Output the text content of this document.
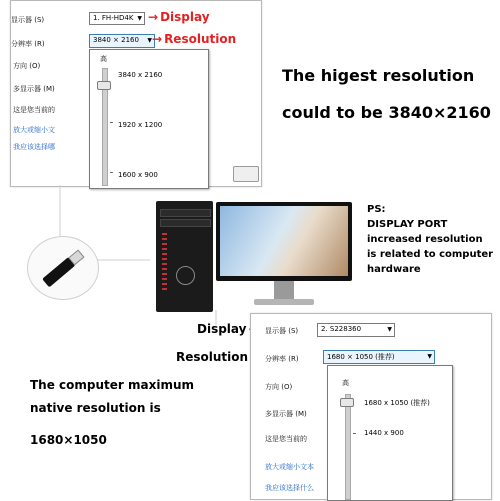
显示器 (S)	1. FH-HD4K ▼
分辨率 (R)	3840 × 2160 ▼
方向 (O)
多显示器 (M)
这是您当前的
放大或缩小文
我应该选择哪
高
3840 x 2160
1920 x 1200
1600 x 900
→ Display
→ Resolution
The higest resolution
could to be 3840×2160
PS:
DISPLAY PORT
increased resolution
is related to computer
hardware
Display
Resolution
The computer maximum
native resolution is
1680×1050
显示器 (S)	2. S228360	▼
分辨率 (R)	1680 × 1050 (推荐)	▼
方向 (O)
多显示器 (M)
这是您当前的
放大或缩小文本
我应该选择什么
高
1680 x 1050 (推荐)
1440 x 900
